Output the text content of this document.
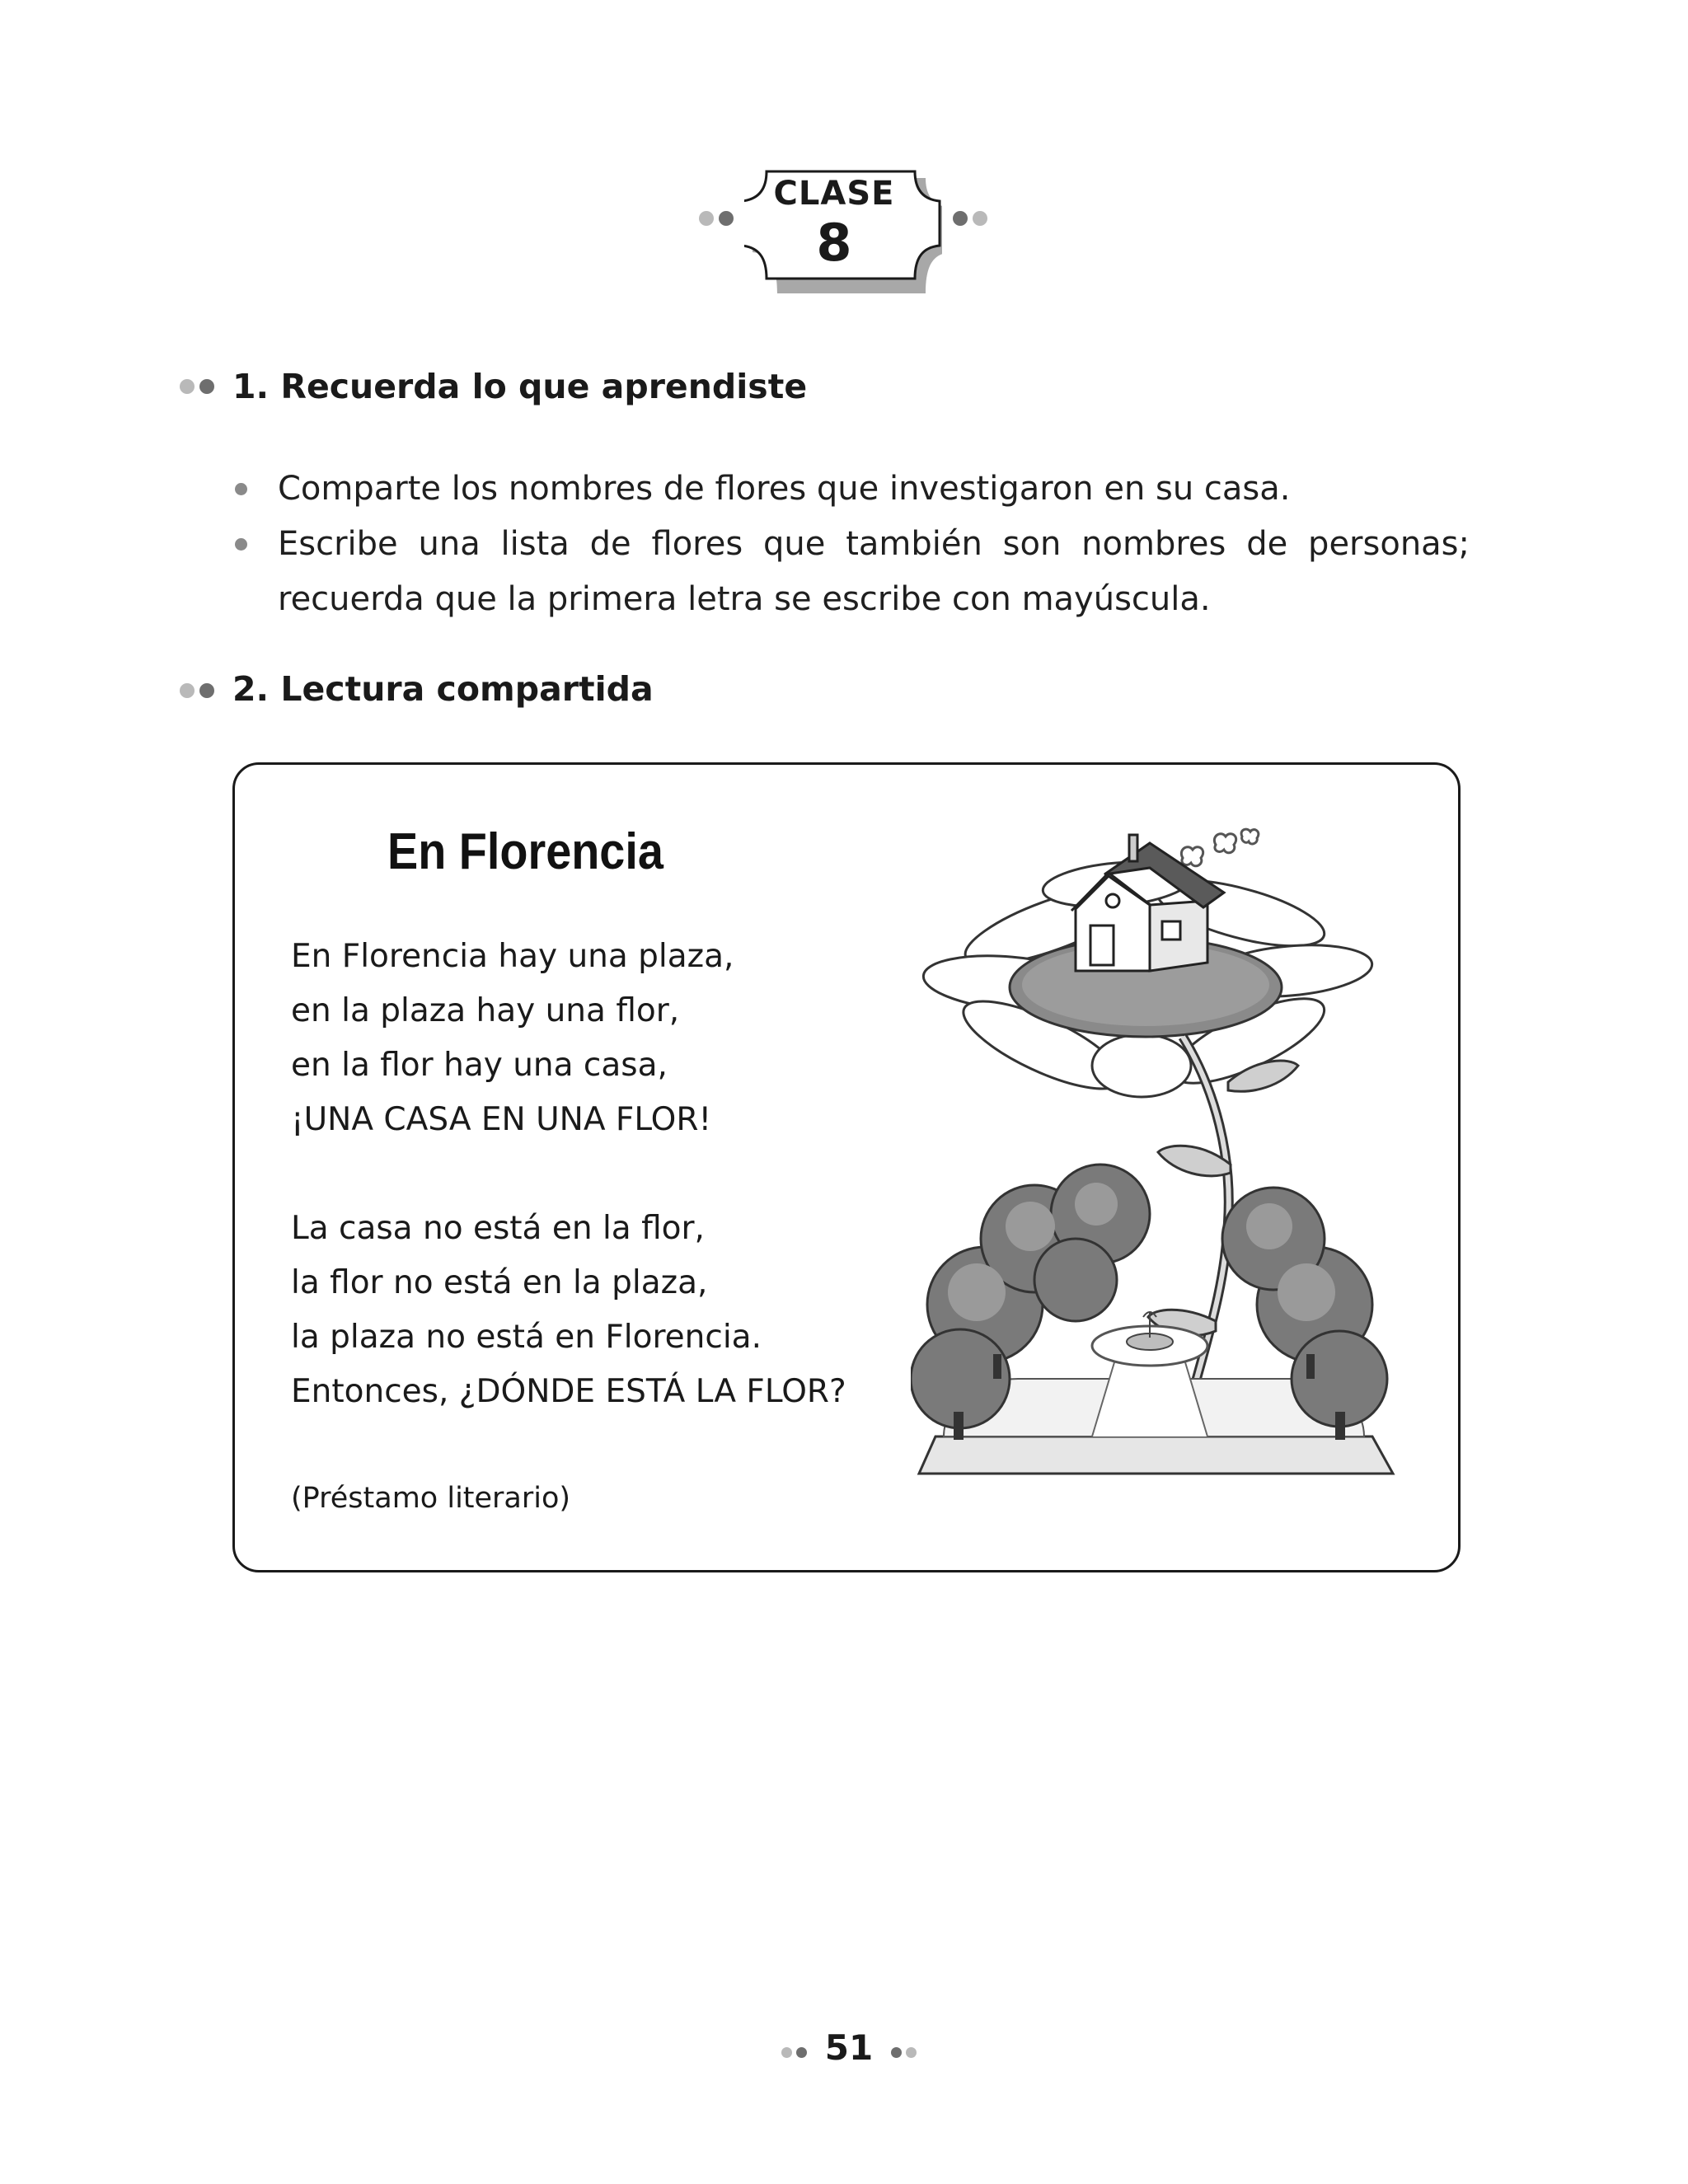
CLASE
8
1. Recuerda lo que aprendiste
Comparte los nombres de flores que investigaron en su casa.
Escribe una lista de flores que también son nombres de personas; recuerda que la primera letra se escribe con mayúscula.
2. Lectura compartida
En Florencia
En Florencia hay una plaza,
en la plaza hay una flor,
en la flor hay una casa,
¡UNA CASA EN UNA FLOR!
La casa no está en la flor,
la flor no está en la plaza,
la plaza no está en Florencia.
Entonces, ¿DÓNDE ESTÁ LA FLOR?
(Préstamo literario)
51
